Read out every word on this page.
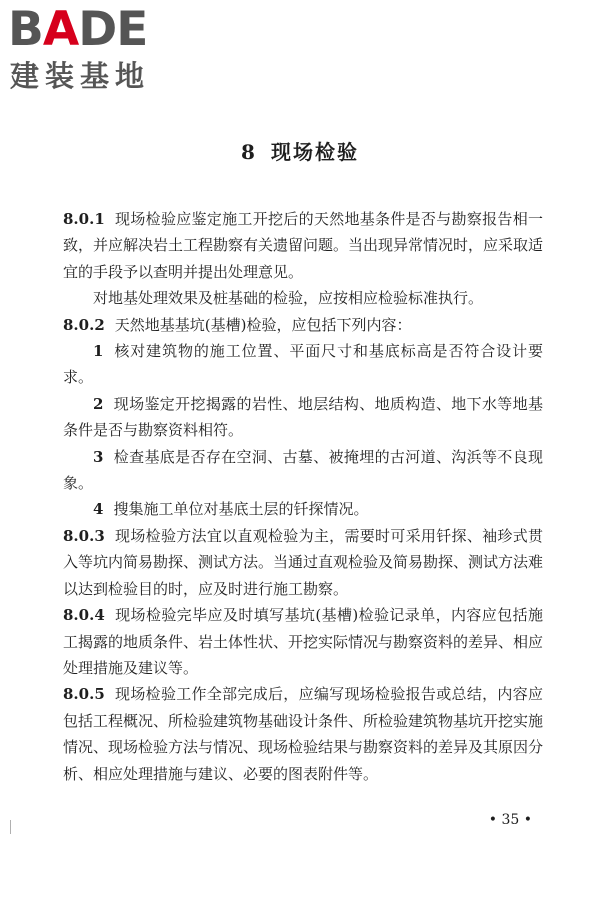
BADE
建装基地
8 现场检验

8.0.1 现场检验应鉴定施工开挖后的天然地基条件是否与勘察报告相一致，并应解决岩土工程勘察有关遗留问题。当出现异常情况时，应采取适宜的手段予以查明并提出处理意见。

对地基处理效果及桩基础的检验，应按相应检验标准执行。

8.0.2 天然地基基坑(基槽)检验，应包括下列内容：

1 核对建筑物的施工位置、平面尺寸和基底标高是否符合设计要求。

2 现场鉴定开挖揭露的岩性、地层结构、地质构造、地下水等地基条件是否与勘察资料相符。

3 检查基底是否存在空洞、古墓、被掩埋的古河道、沟浜等不良现象。

4 搜集施工单位对基底土层的钎探情况。

8.0.3 现场检验方法宜以直观检验为主，需要时可采用钎探、袖珍式贯入等坑内简易勘探、测试方法。当通过直观检验及简易勘探、测试方法难以达到检验目的时，应及时进行施工勘察。

8.0.4 现场检验完毕应及时填写基坑(基槽)检验记录单，内容应包括施工揭露的地质条件、岩土体性状、开挖实际情况与勘察资料的差异、相应处理措施及建议等。

8.0.5 现场检验工作全部完成后，应编写现场检验报告或总结，内容应包括工程概况、所检验建筑物基础设计条件、所检验建筑物基坑开挖实施情况、现场检验方法与情况、现场检验结果与勘察资料的差异及其原因分析、相应处理措施与建议、必要的图表附件等。

• 35 •
